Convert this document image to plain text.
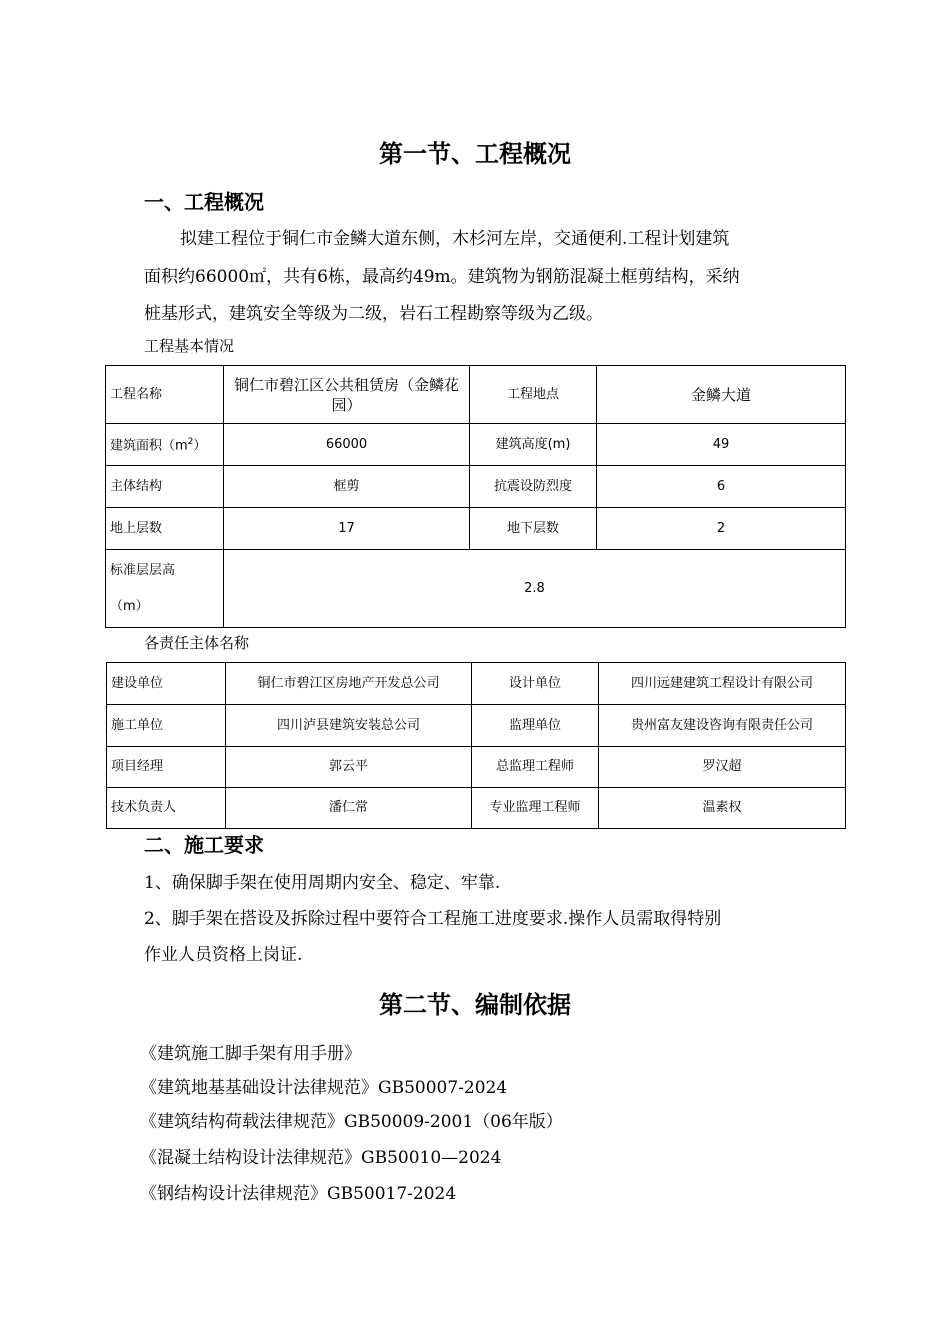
第一节、工程概况
一、工程概况
拟建工程位于铜仁市金鳞大道东侧，木杉河左岸，交通便利.工程计划建筑
面积约66000㎡，共有6栋，最高约49m。建筑物为钢筋混凝土框剪结构，采纳
桩基形式，建筑安全等级为二级，岩石工程勘察等级为乙级。
工程基本情况
工程名称	铜仁市碧江区公共租赁房（金鳞花园）	工程地点	金鳞大道
建筑面积$(m^2)$	66000	建筑高度(m)	49
主体结构	框剪	抗震设防烈度	6
地上层数	17	地下层数	2

标准层层高
（m）	2.8		
各责任主体名称
建设单位	铜仁市碧江区房地产开发总公司	设计单位	四川远建建筑工程设计有限公司
施工单位	四川泸县建筑安装总公司	监理单位	贵州富友建设咨询有限责任公司
项目经理	郭云平	总监理工程师	罗汉超
技术负责人	潘仁常	专业监理工程师	温素权
二、施工要求
1、确保脚手架在使用周期内安全、稳定、牢靠.
2、脚手架在搭设及拆除过程中要符合工程施工进度要求.操作人员需取得特别
作业人员资格上岗证.
第二节、编制依据
《建筑施工脚手架有用手册》
《建筑地基基础设计法律规范》GB50007-2024
《建筑结构荷载法律规范》GB50009-2001（06年版）
《混凝土结构设计法律规范》GB50010—2024
《钢结构设计法律规范》GB50017-2024
